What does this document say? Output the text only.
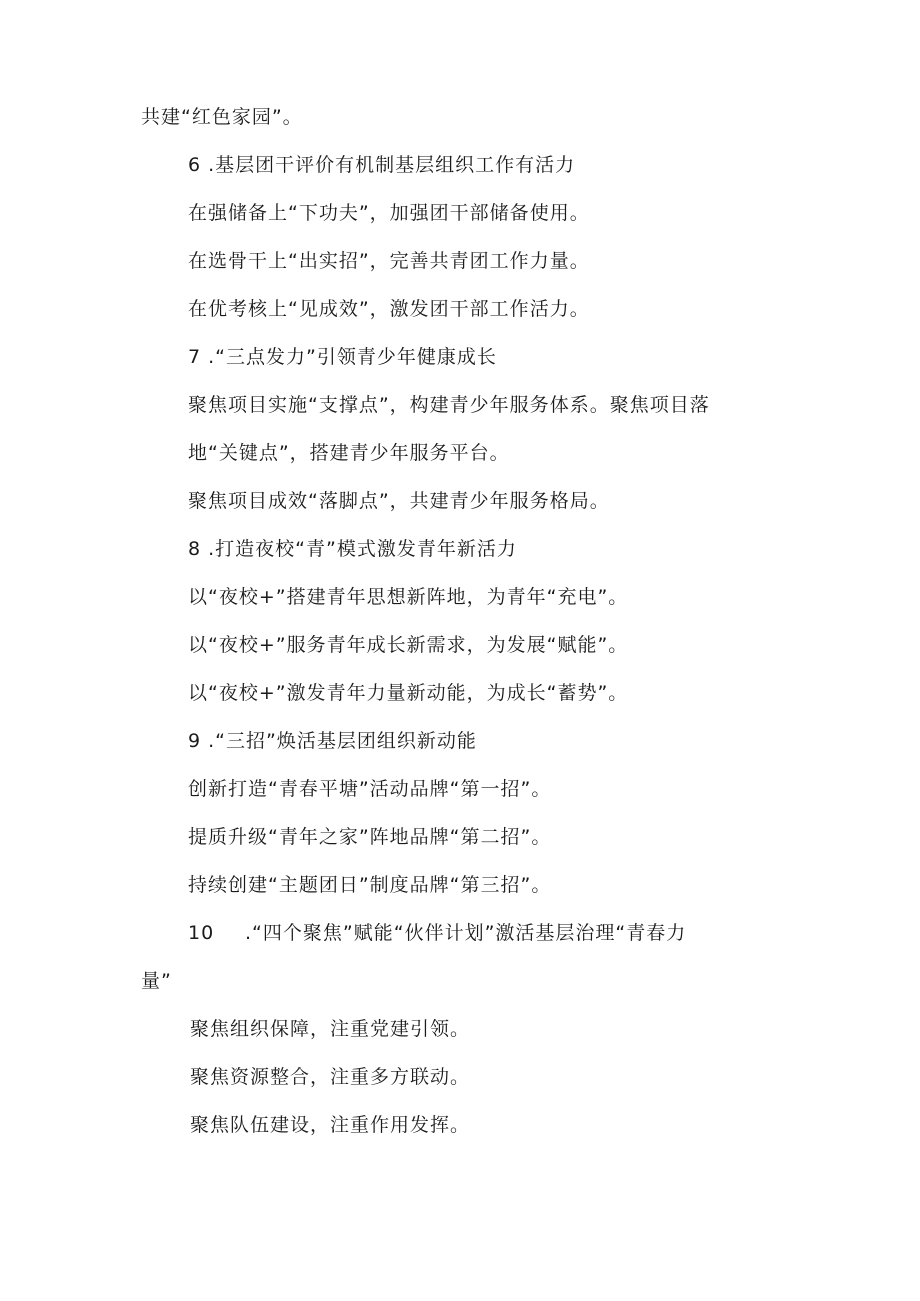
共建“红色家园”。
6 .基层团干评价有机制基层组织工作有活力
在强储备上“下功夫”，加强团干部储备使用。
在选骨干上“出实招”，完善共青团工作力量。
在优考核上“见成效”，激发团干部工作活力。
7 .“三点发力”引领青少年健康成长
聚焦项目实施“支撑点”，构建青少年服务体系。聚焦项目落
地“关键点”，搭建青少年服务平台。
聚焦项目成效“落脚点”，共建青少年服务格局。
8 .打造夜校“青”模式激发青年新活力
以“夜校+”搭建青年思想新阵地，为青年“充电”。
以“夜校+”服务青年成长新需求，为发展“赋能”。
以“夜校+”激发青年力量新动能，为成长“蓄势”。
9 .“三招”焕活基层团组织新动能
创新打造“青春平塘”活动品牌“第一招”。
提质升级“青年之家”阵地品牌“第二招”。
持续创建“主题团日”制度品牌“第三招”。
10 .“四个聚焦”赋能“伙伴计划”激活基层治理“青春力
量”
聚焦组织保障，注重党建引领。
聚焦资源整合，注重多方联动。
聚焦队伍建设，注重作用发挥。
